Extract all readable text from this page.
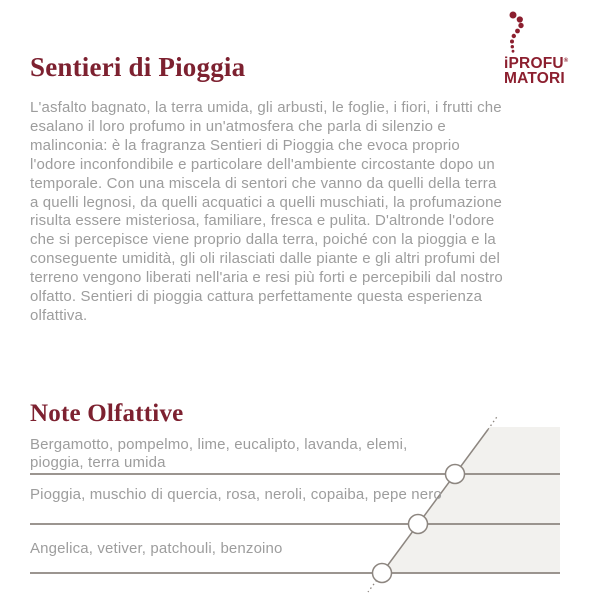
iPROFU®
MATORI
Sentieri di Pioggia

L'asfalto bagnato, la terra umida, gli arbusti, le foglie, i fiori, i frutti che esalano il loro profumo in un'atmosfera che parla di silenzio e malinconia: è la fragranza Sentieri di Pioggia che evoca proprio l'odore inconfondibile e particolare dell'ambiente circostante dopo un temporale. Con una miscela di sentori che vanno da quelli della terra a quelli legnosi, da quelli acquatici a quelli muschiati, la profumazione risulta essere misteriosa, familiare, fresca e pulita. D'altronde l'odore che si percepisce viene proprio dalla terra, poiché con la pioggia e la conseguente umidità, gli oli rilasciati dalle piante e gli altri profumi del terreno vengono liberati nell'aria e resi più forti e percepibili dal nostro olfatto. Sentieri di pioggia cattura perfettamente questa esperienza olfattiva.

Note Olfattive
Bergamotto, pompelmo, lime, eucalipto, lavanda, elemi, pioggia, terra umida
Pioggia, muschio di quercia, rosa, neroli, copaiba, pepe nero
Angelica, vetiver, patchouli, benzoino
